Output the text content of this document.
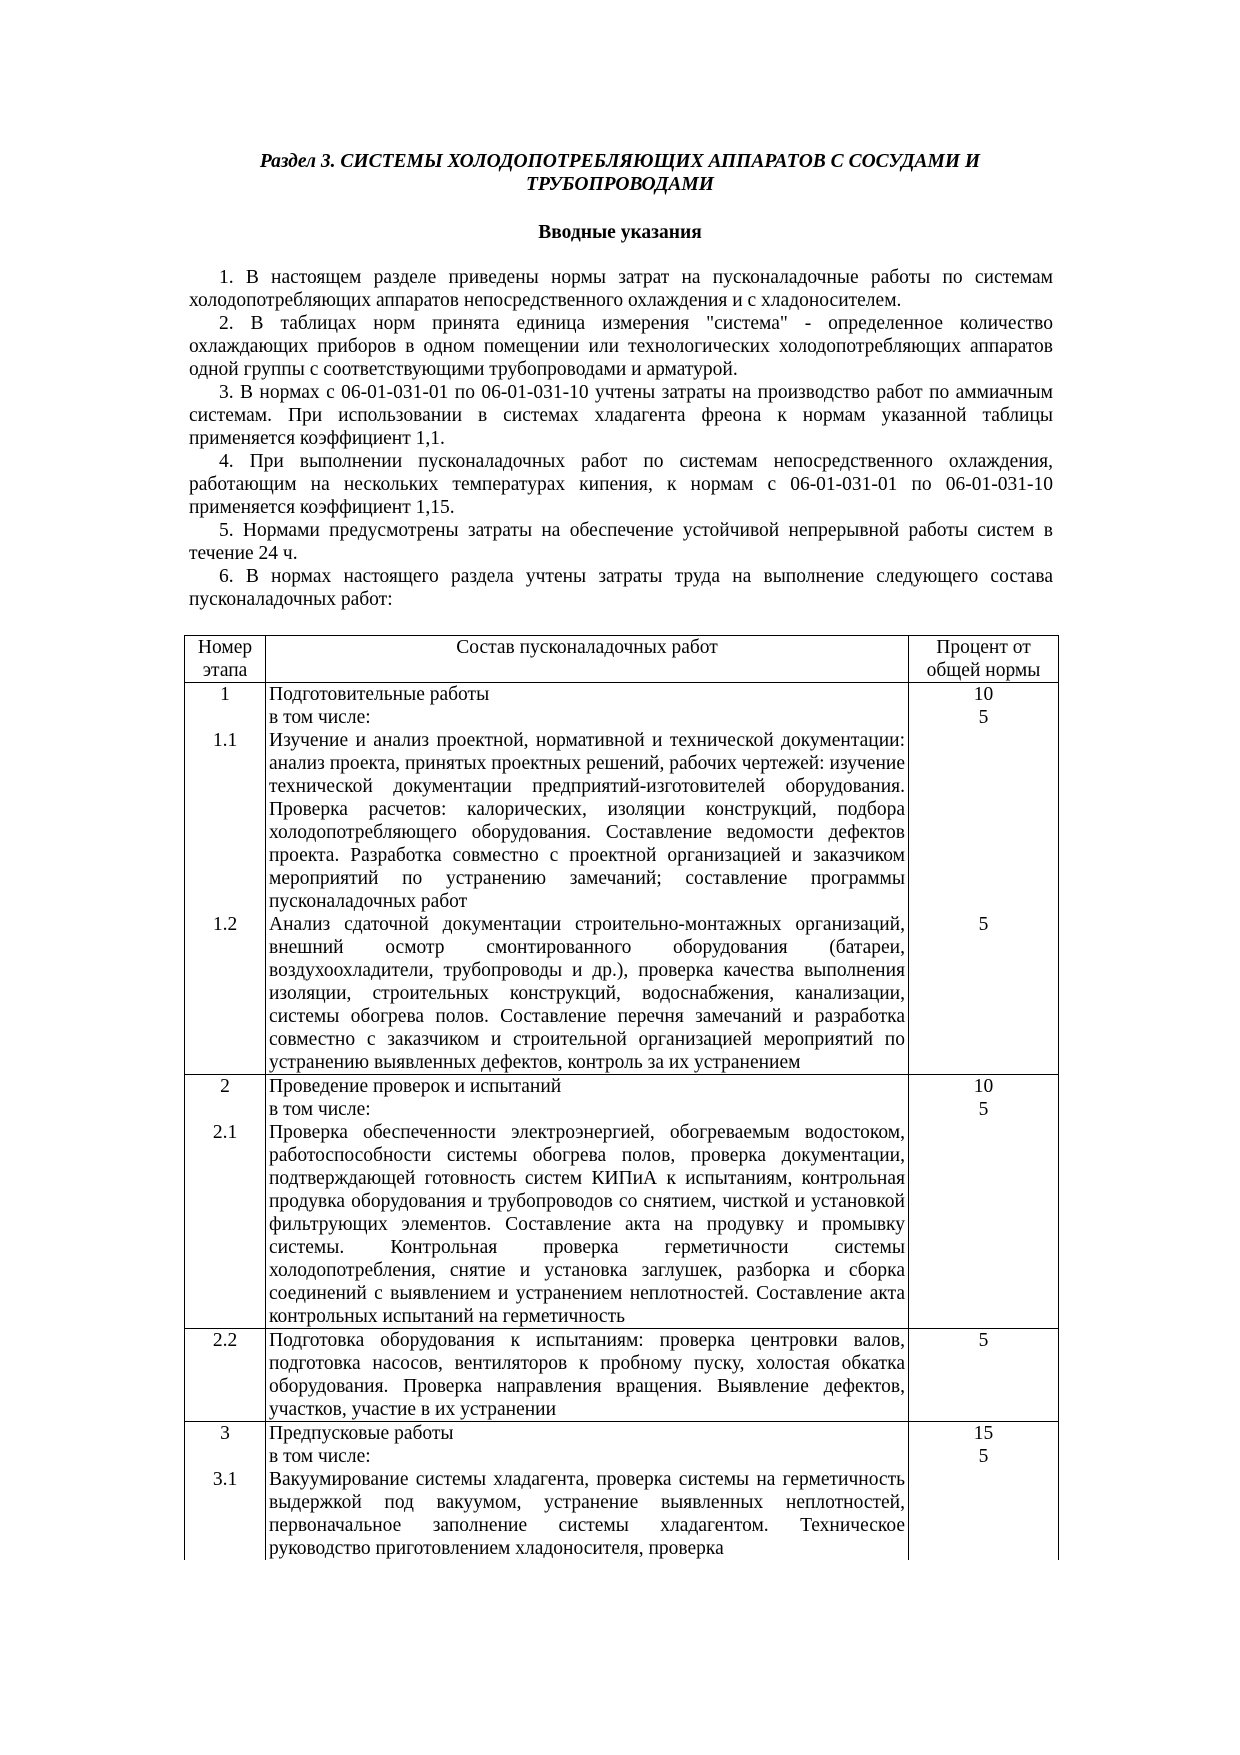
Раздел 3. СИСТЕМЫ ХОЛОДОПОТРЕБЛЯЮЩИХ АППАРАТОВ С СОСУДАМИ И ТРУБОПРОВОДАМИ
Вводные указания

1. В настоящем разделе приведены нормы затрат на пусконаладочные работы по системам холодопотребляющих аппаратов непосредственного охлаждения и с хладоносителем.

2. В таблицах норм принята единица измерения "система" - определенное количество охлаждающих приборов в одном помещении или технологических холодопотребляющих аппаратов одной группы с соответствующими трубопроводами и арматурой.

3. В нормах с 06-01-031-01 по 06-01-031-10 учтены затраты на производство работ по аммиачным системам. При использовании в системах хладагента фреона к нормам указанной таблицы применяется коэффициент 1,1.

4. При выполнении пусконаладочных работ по системам непосредственного охлаждения, работающим на нескольких температурах кипения, к нормам с 06-01-031-01 по 06-01-031-10 применяется коэффициент 1,15.

5. Нормами предусмотрены затраты на обеспечение устойчивой непрерывной работы систем в течение 24 ч.

6. В нормах настоящего раздела учтены затраты труда на выполнение следующего состава пусконаладочных работ:

Номер этапа	Состав пусконаладочных работ	Процент от общей нормы
1	Подготовительные работы	10
	в том числе:	5
1.1	Изучение и анализ проектной, нормативной и технической документации: анализ проекта, принятых проектных решений, рабочих чертежей: изучение технической документации предприятий-изготовителей оборудования. Проверка расчетов: калорических, изоляции конструкций, подбора холодопотребляющего оборудования. Составление ведомости дефектов проекта. Разработка совместно с проектной организацией и заказчиком мероприятий по устранению замечаний; составление программы пусконаладочных работ	
1.2	Анализ сдаточной документации строительно-монтажных организаций, внешний осмотр смонтированного оборудования (батареи, воздухоохладители, трубопроводы и др.), проверка качества выполнения изоляции, строительных конструкций, водоснабжения, канализации, системы обогрева полов. Составление перечня замечаний и разработка совместно с заказчиком и строительной организацией мероприятий по устранению выявленных дефектов, контроль за их устранением	5
2	Проведение проверок и испытаний	10
	в том числе:	5
2.1	Проверка обеспеченности электроэнергией, обогреваемым водостоком, работоспособности системы обогрева полов, проверка документации, подтверждающей готовность систем КИПиА к испытаниям, контрольная продувка оборудования и трубопроводов со снятием, чисткой и установкой фильтрующих элементов. Составление акта на продувку и промывку системы. Контрольная проверка герметичности системы холодопотребления, снятие и установка заглушек, разборка и сборка соединений с выявлением и устранением неплотностей. Составление акта контрольных испытаний на герметичность	
2.2	Подготовка оборудования к испытаниям: проверка центровки валов, подготовка насосов, вентиляторов к пробному пуску, холостая обкатка оборудования. Проверка направления вращения. Выявление дефектов, участков, участие в их устранении	5
3	Предпусковые работы	15
	в том числе:	5
3.1	Вакуумирование системы хладагента, проверка системы на герметичность выдержкой под вакуумом, устранение выявленных неплотностей, первоначальное заполнение системы хладагентом. Техническое руководство приготовлением хладоносителя, проверка	
